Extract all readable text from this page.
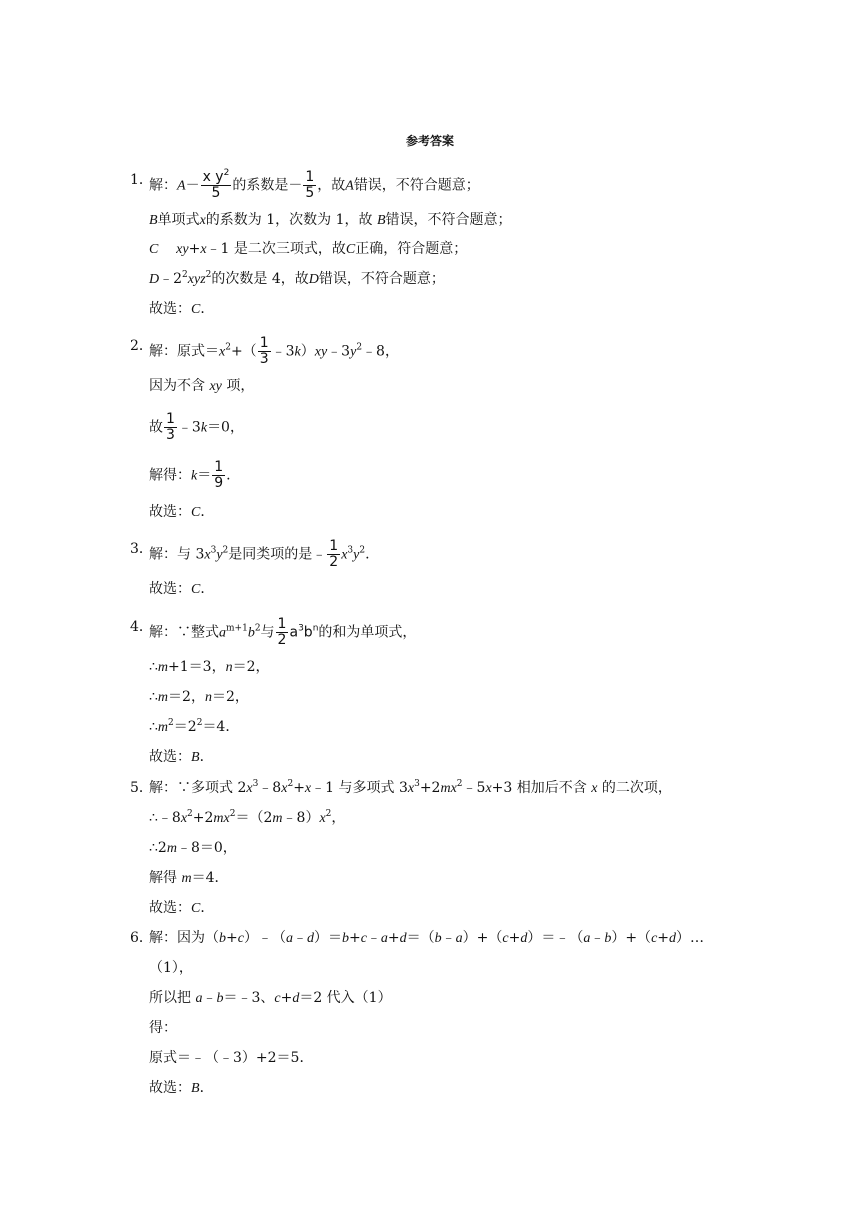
参考答案
1．
解：$A- \frac{x y^2}{5}$ 的系数是－ $\frac{1}{5}$ ，故A错误，不符合题意；
B单项式x的系数为 1，次数为 1，故 B错误，不符合题意；
C xy+x﹣1 是二次三项式，故C正确，符合题意；
$D﹣2^2xyz^2$的次数是 4，故D错误，不符合题意；
故选：C．
2．
解：原式$=x^2+( \frac{1}{3}$ $﹣3k)xy﹣3y^2﹣8$，
因为不含 xy 项，
故 $\frac{1}{3}$ ﹣3k＝0，
解得：$k= \frac{1}{9}$ .
故选：C．
3．
解：与 $3x^3y^2$是同类项的是﹣ $\frac{1}{2} x^3y^2$.
故选：C．
4．
解：∵整式$a^{m+1}b^2$与 $\frac{1}{2} a^3b^n$的和为单项式，
∴m+1＝3，n＝2，
∴m＝2，n＝2，
$\therefore m^2=2^2=4$．
故选：B．
5．
解：∵多项式 $2x^3﹣8x^2+x﹣1$ 与多项式 $3x^3+2mx^2﹣5x+3$ 相加后不含 x 的二次项，
$\therefore﹣8x^2+2mx^2=(2m﹣8)x^2$，
∴2m﹣8＝0，
解得 m＝4．
故选：C．
6．
解：因为（b+c）﹣（a﹣d）＝b+c﹣a+d＝（b﹣a）+（c+d）＝﹣（a﹣b）+（c+d）…
（1），
所以把 a﹣b＝﹣3、c+d＝2 代入（1）
得：
原式＝﹣（﹣3）+2＝5．
故选：B．
